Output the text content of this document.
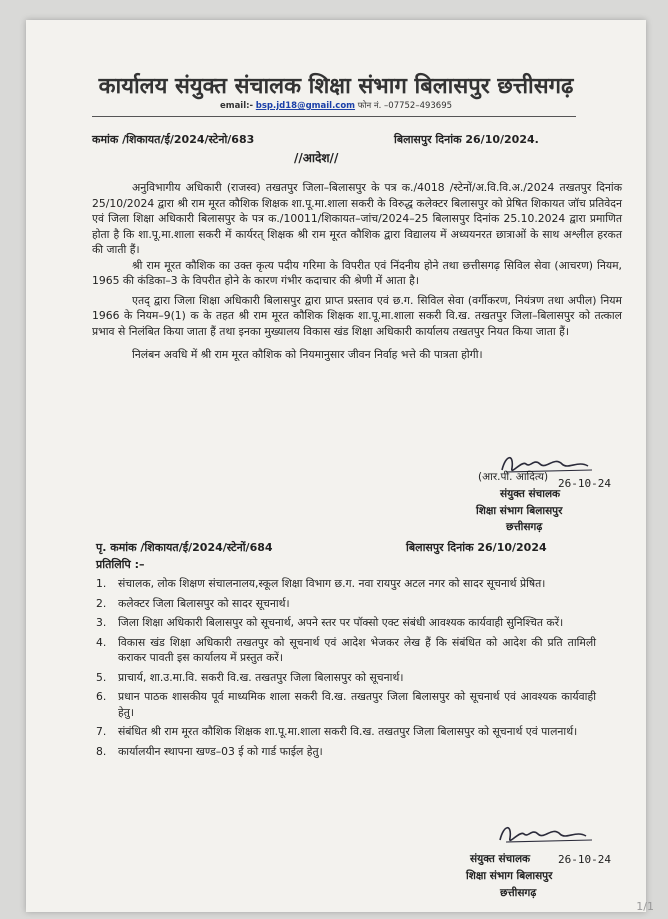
कार्यालय संयुक्त संचालक शिक्षा संभाग बिलासपुर छत्तीसगढ़
email:- bsp.jd18@gmail.com फोन नं. –07752–493695
कमांक /शिकायत/ई/2024/स्टेनो/683	बिलासपुर दिनांक 26/10/2024.
//आदेश//

अनुविभागीय अधिकारी (राजस्व) तखतपुर जिला–बिलासपुर के पत्र क./4018 /स्टेनों/अ.वि.वि.अ./2024 तखतपुर दिनांक 25/10/2024 द्वारा श्री राम मूरत कौशिक शिक्षक शा.पू.मा.शाला सकरी के विरुद्ध कलेक्टर बिलासपुर को प्रेषित शिकायत जॉच प्रतिवेदन एवं जिला शिक्षा अधिकारी बिलासपुर के पत्र क./10011/शिकायत–जांच/2024–25 बिलासपुर दिनांक 25.10.2024 द्वारा प्रमाणित होता है कि शा.पू.मा.शाला सकरी में कार्यरत् शिक्षक श्री राम मूरत कौशिक द्वारा विद्यालय में अध्ययनरत छात्राओं के साथ अश्लील हरकत की जाती हैं।

श्री राम मूरत कौशिक का उक्त कृत्य पदीय गरिमा के विपरीत एवं निंदनीय होने तथा छत्तीसगढ़ सिविल सेवा (आचरण) नियम, 1965 की कंडिका–3 के विपरीत होने के कारण गंभीर कदाचार की श्रेणी में आता है।

एतद् द्वारा जिला शिक्षा अधिकारी बिलासपुर द्वारा प्राप्त प्रस्ताव एवं छ.ग. सिविल सेवा (वर्गीकरण, नियंत्रण तथा अपील) नियम 1966 के नियम–9(1) क के तहत श्री राम मूरत कौशिक शिक्षक शा.पू.मा.शाला सकरी वि.ख. तखतपुर जिला–बिलासपुर को तत्काल प्रभाव से निलंबित किया जाता हैं तथा इनका मुख्यालय विकास खंड शिक्षा अधिकारी कार्यालय तखतपुर नियत किया जाता हैं।

निलंबन अवधि में श्री राम मूरत कौशिक को नियमानुसार जीवन निर्वाह भत्ते की पात्रता होगी।

(आर.पी. आदित्य) 26-10-24
संयुक्त संचालक
शिक्षा संभाग बिलासपुर
छत्तीसगढ़
पृ. कमांक /शिकायत/ई/2024/स्टेनों/684	बिलासपुर दिनांक 26/10/2024
प्रतिलिपि :–
1. संचालक, लोक शिक्षण संचालनालय,स्कूल शिक्षा विभाग छ.ग. नवा रायपुर अटल नगर को सादर सूचनार्थ प्रेषित।
2. कलेक्टर जिला बिलासपुर को सादर सूचनार्थ।
3. जिला शिक्षा अधिकारी बिलासपुर को सूचनार्थ, अपने स्तर पर पॉक्सो एक्ट संबंधी आवश्यक कार्यवाही सुनिश्चित करें।
4. विकास खंड शिक्षा अधिकारी तखतपुर को सूचनार्थ एवं आदेश भेजकर लेख हैं कि संबंधित को आदेश की प्रति तामिली कराकर पावती इस कार्यालय में प्रस्तुत करें।
5. प्राचार्य, शा.उ.मा.वि. सकरी वि.ख. तखतपुर जिला बिलासपुर को सूचनार्थ।
6. प्रधान पाठक शासकीय पूर्व माध्यमिक शाला सकरी वि.ख. तखतपुर जिला बिलासपुर को सूचनार्थ एवं आवश्यक कार्यवाही हेतु।
7. संबंधित श्री राम मूरत कौशिक शिक्षक शा.पू.मा.शाला सकरी वि.ख. तखतपुर जिला बिलासपुर को सूचनार्थ एवं पालनार्थ।
8. कार्यालयीन स्थापना खण्ड–03 ई को गार्ड फाईल हेतु।
संयुक्त संचालक	26-10-24
शिक्षा संभाग बिलासपुर
छत्तीसगढ़
1/1
